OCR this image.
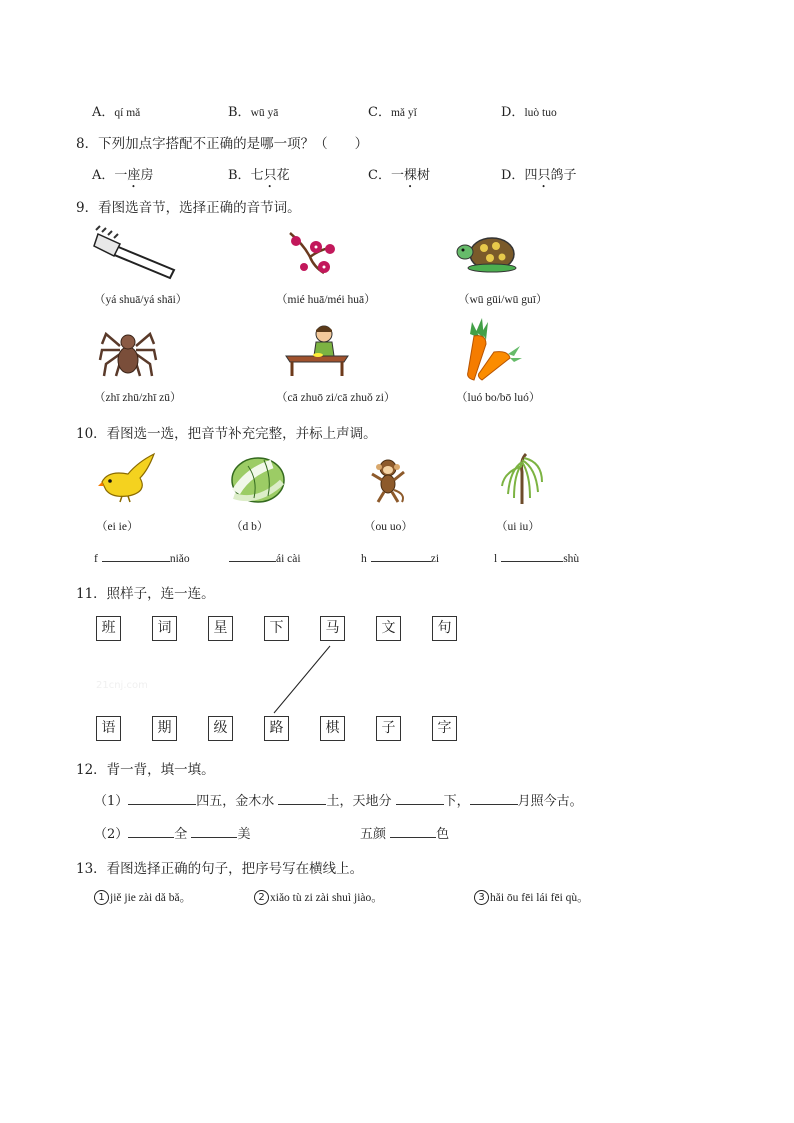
A．qí mǎ	B．wū yā	C．mǎ yǐ	D．luò tuo
8．下列加点字搭配不正确的是哪一项？（　　）
A．一座房	B．七只花	C．一棵树	D．四只鸽子
9．看图选音节，选择正确的音节词。
（yá shuā/yá shāi）	（mié huā/méi huā）	（wū gūi/wū guī）
（zhī zhū/zhī zū）	（cā zhuō zi/cā zhuǒ zi）	（luó bo/bō luó）
10．看图选一选，把音节补充完整，并标上声调。
（ei ie）	（d b）	（ou uo）	（ui iu）
f	niǎo	ái cài	h	zi	l	shù
11．照样子，连一连。
班	词	星	下	马	文	句
21cnj.com
语	期	级	路	棋	子	字
12．背一背，填一填。
（1）	四五，金木水	土，天地分	下，	月照今古。
（2）	全	美	五颜	色
13．看图选择正确的句子，把序号写在横线上。
1 jiě jie zài dǎ bǎ。	2 xiǎo tù zi zài shuì jiào。	3 hǎi ōu fēi lái fēi qù。
